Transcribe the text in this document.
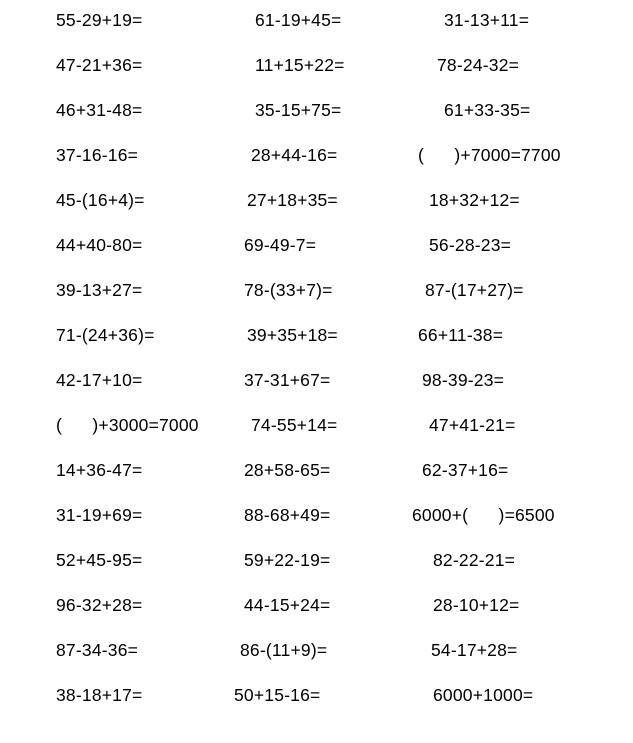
55-29+19=	61-19+45=	31-13+11=
47-21+36=	11+15+22=	78-24-32=
46+31-48=	35-15+75=	61+33-35=
37-16-16=	28+44-16=	(      )+7000=7700
45-(16+4)=	27+18+35=	18+32+12=
44+40-80=	69-49-7=	56-28-23=
39-13+27=	78-(33+7)=	87-(17+27)=
71-(24+36)=	39+35+18=	66+11-38=
42-17+10=	37-31+67=	98-39-23=
(      )+3000=7000	74-55+14=	47+41-21=
14+36-47=	28+58-65=	62-37+16=
31-19+69=	88-68+49=	6000+(      )=6500
52+45-95=	59+22-19=	82-22-21=
96-32+28=	44-15+24=	28-10+12=
87-34-36=	86-(11+9)=	54-17+28=
38-18+17=	50+15-16=	6000+1000=
